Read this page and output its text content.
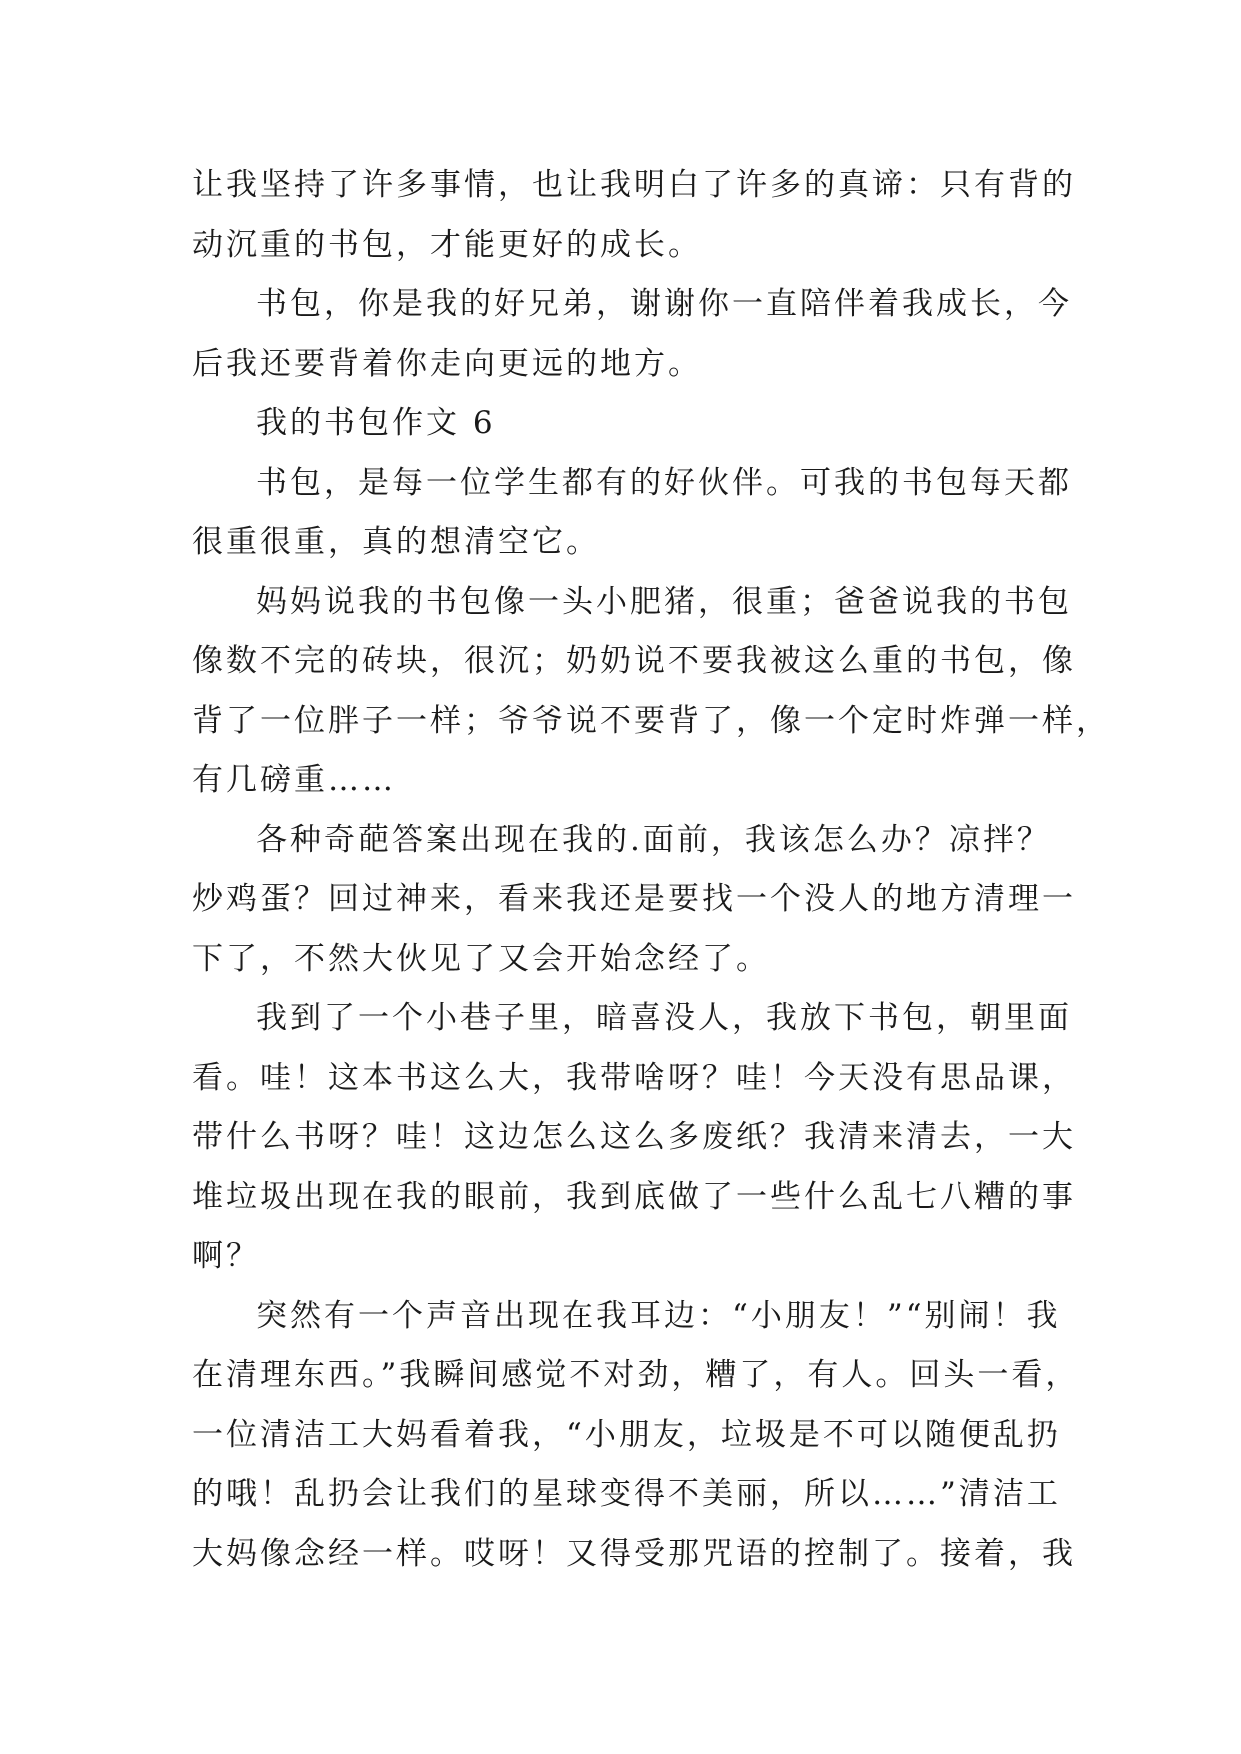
让我坚持了许多事情，也让我明白了许多的真谛：只有背的
动沉重的书包，才能更好的成长。
书包，你是我的好兄弟，谢谢你一直陪伴着我成长，今
后我还要背着你走向更远的地方。
我的书包作文 6
书包，是每一位学生都有的好伙伴。可我的书包每天都
很重很重，真的想清空它。
妈妈说我的书包像一头小肥猪，很重；爸爸说我的书包
像数不完的砖块，很沉；奶奶说不要我被这么重的书包，像
背了一位胖子一样；爷爷说不要背了，像一个定时炸弹一样，
有几磅重……
各种奇葩答案出现在我的.面前，我该怎么办？凉拌？
炒鸡蛋？回过神来，看来我还是要找一个没人的地方清理一
下了，不然大伙见了又会开始念经了。
我到了一个小巷子里，暗喜没人，我放下书包，朝里面
看。哇！这本书这么大，我带啥呀？哇！今天没有思品课，
带什么书呀？哇！这边怎么这么多废纸？我清来清去，一大
堆垃圾出现在我的眼前，我到底做了一些什么乱七八糟的事
啊？
突然有一个声音出现在我耳边：“小朋友！”“别闹！我
在清理东西。”我瞬间感觉不对劲，糟了，有人。回头一看，
一位清洁工大妈看着我，“小朋友，垃圾是不可以随便乱扔
的哦！乱扔会让我们的星球变得不美丽，所以……”清洁工
大妈像念经一样。哎呀！又得受那咒语的控制了。接着，我
